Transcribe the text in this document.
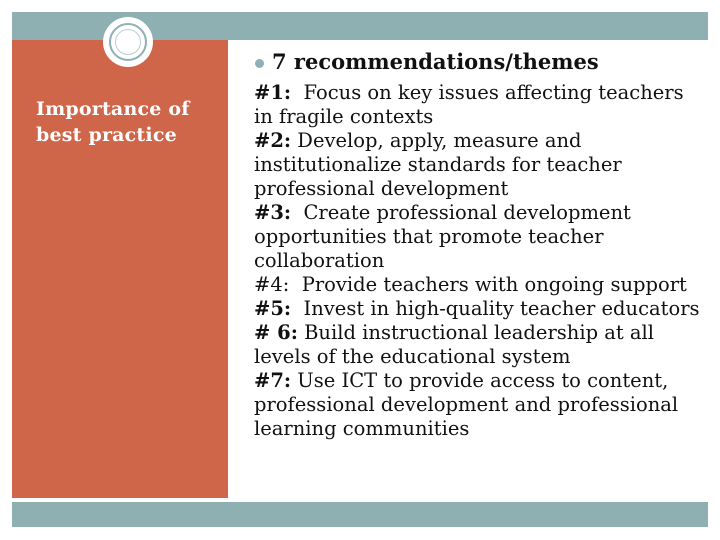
Importance of
best practice
7 recommendations/themes
#1:  Focus on key issues affecting teachers in fragile contexts
#2: Develop, apply, measure and institutionalize standards for teacher professional development
#3:  Create professional development opportunities that promote teacher collaboration
#4:  Provide teachers with ongoing support
#5:  Invest in high-quality teacher educators
# 6: Build instructional leadership at all levels of the educational system
#7: Use ICT to provide access to content, professional development and professional learning communities
